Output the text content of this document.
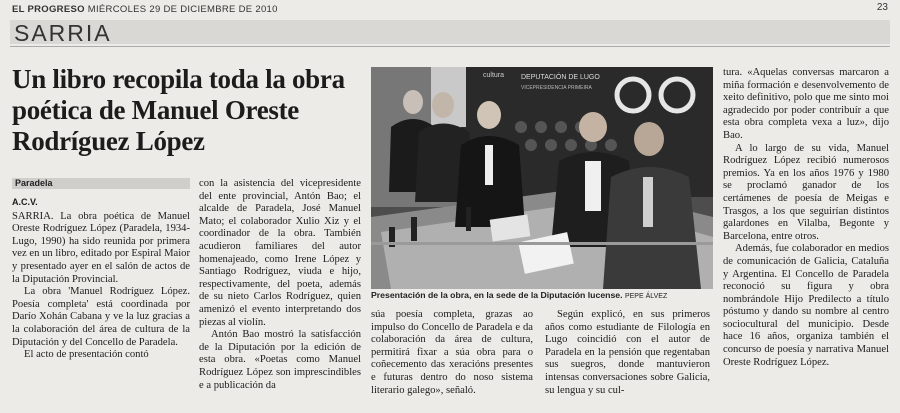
EL PROGRESO MIÉRCOLES 29 DE DICIEMBRE DE 2010	23
SARRIA
Un libro recopila toda la obra poética de Manuel Oreste Rodríguez López
Paradela

A.C.V.

SARRIA. La obra poética de Manuel Oreste Rodríguez López (Paradela, 1934-Lugo, 1990) ha sido reunida por primera vez en un libro, editado por Espiral Maior y presentado ayer en el salón de actos de la Diputación Provincial.

La obra 'Manuel Rodríguez López. Poesía completa' está coordinada por Darío Xohán Cabana y ve la luz gracias a la colaboración del área de cultura de la Diputación y del Concello de Paradela.

El acto de presentación contó

con la asistencia del vicepresidente del ente provincial, Antón Bao; el alcalde de Paradela, José Manuel Mato; el colaborador Xulio Xiz y el coordinador de la obra. También acudieron familiares del autor homenajeado, como Irene López y Santiago Rodríguez, viuda e hijo, respectivamente, del poeta, además de su nieto Carlos Rodríguez, quien amenizó el evento interpretando dos piezas al violín.

Antón Bao mostró la satisfacción de la Diputación por la edición de esta obra. «Poetas como Manuel Rodríguez López son imprescindibles e a publicación da

DEPUTACIÓN DE LUGO
VICEPRESIDENCIA PRIMEIRA
cultura
Presentación de la obra, en la sede de la Diputación lucense. PEPE ÁLVEZ

súa poesía completa, grazas ao impulso do Concello de Paradela e da colaboración da área de cultura, permitirá fixar a súa obra para o coñecemento das xeracións presentes e futuras dentro do noso sistema literario galego», señaló.

Según explicó, en sus primeros años como estudiante de Filología en Lugo coincidió con el autor de Paradela en la pensión que regentaban sus suegros, donde mantuvieron intensas conversaciones sobre Galicia, su lengua y su cul-

tura. «Aquelas conversas marcaron a miña formación e desenvolvemento de xeito definitivo, polo que me sinto moi agradecido por poder contribuír a que esta obra completa vexa a luz», dijo Bao.

A lo largo de su vida, Manuel Rodríguez López recibió numerosos premios. Ya en los años 1976 y 1980 se proclamó ganador de los certámenes de poesía de Meigas e Trasgos, a los que seguirían distintos galardones en Vilalba, Begonte y Barcelona, entre otros.

Además, fue colaborador en medios de comunicación de Galicia, Cataluña y Argentina. El Concello de Paradela reconoció su figura y obra nombrándole Hijo Predilecto a título póstumo y dando su nombre al centro sociocultural del municipio. Desde hace 16 años, organiza también el concurso de poesía y narrativa Manuel Oreste Rodríguez López.
